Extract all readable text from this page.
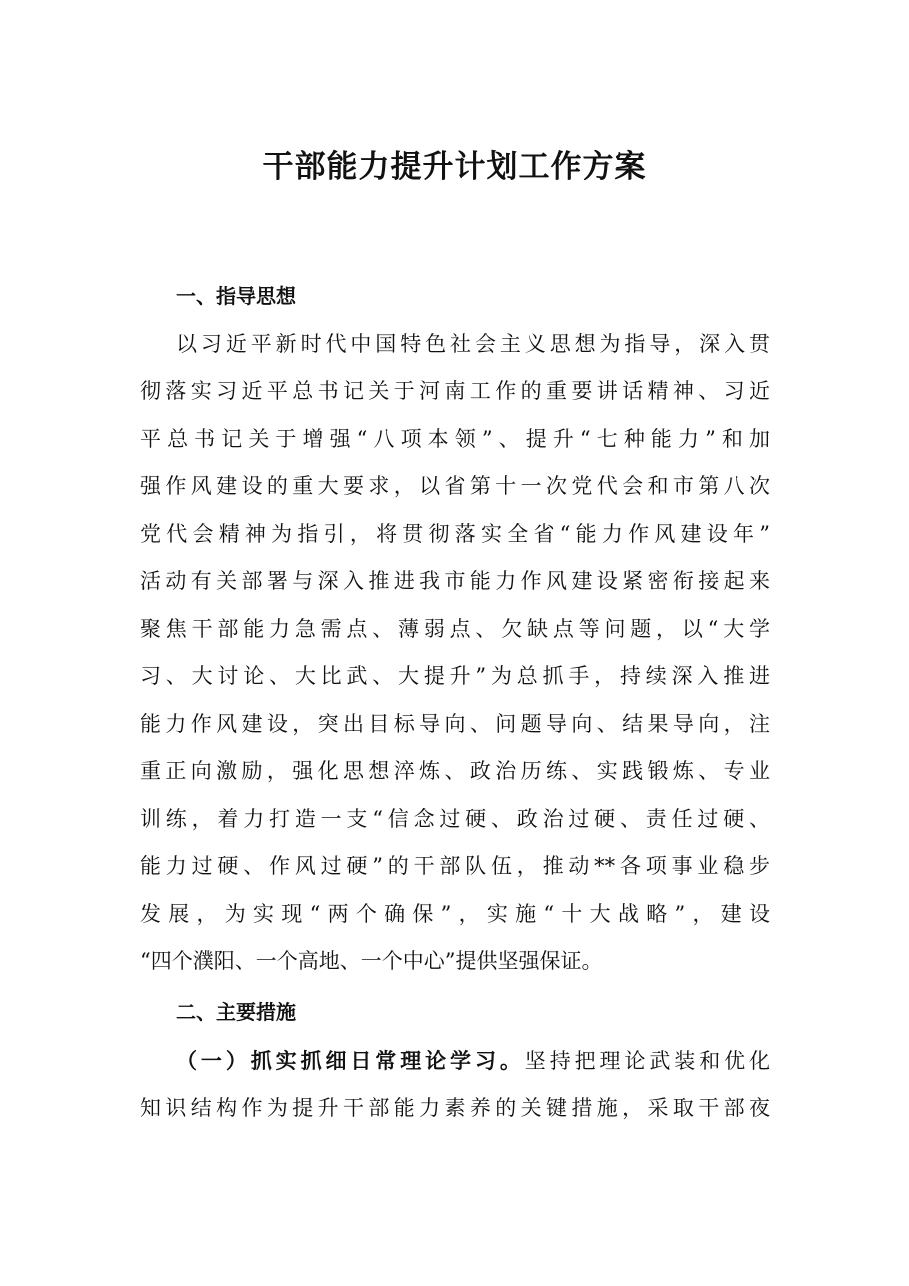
干部能力提升计划工作方案

一、指导思想

以习近平新时代中国特色社会主义思想为指导，深入贯

彻落实习近平总书记关于河南工作的重要讲话精神、习近

平总书记关于增强“八项本领”、提升“七种能力”和加

强作风建设的重大要求，以省第十一次党代会和市第八次

党代会精神为指引，将贯彻落实全省“能力作风建设年”

活动有关部署与深入推进我市能力作风建设紧密衔接起来

聚焦干部能力急需点、薄弱点、欠缺点等问题，以“大学

习、大讨论、大比武、大提升”为总抓手，持续深入推进

能力作风建设，突出目标导向、问题导向、结果导向，注

重正向激励，强化思想淬炼、政治历练、实践锻炼、专业

训练，着力打造一支“信念过硬、政治过硬、责任过硬、

能力过硬、作风过硬”的干部队伍，推动**各项事业稳步

发展，为实现“两个确保”，实施“十大战略”，建设

“四个濮阳、一个高地、一个中心”提供坚强保证。

二、主要措施

（一）抓实抓细日常理论学习。坚持把理论武装和优化

知识结构作为提升干部能力素养的关键措施，采取干部夜
